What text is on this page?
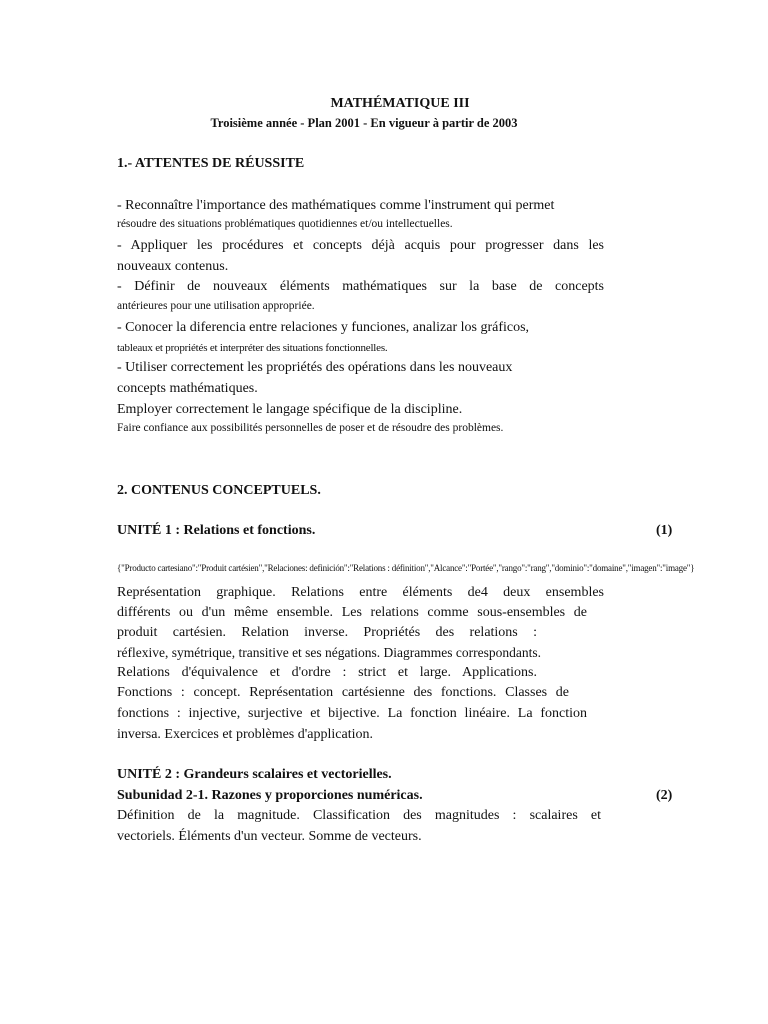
MATHÉMATIQUE III
Troisième année - Plan 2001 - En vigueur à partir de 2003
1.- ATTENTES DE RÉUSSITE
- Reconnaître l'importance des mathématiques comme l'instrument qui permet
résoudre des situations problématiques quotidiennes et/ou intellectuelles.
- Appliquer les procédures et concepts déjà acquis pour progresser dans les
nouveaux contenus.
- Définir de nouveaux éléments mathématiques sur la base de concepts
antérieures pour une utilisation appropriée.
- Conocer la diferencia entre relaciones y funciones, analizar los gráficos,
tableaux et propriétés et interpréter des situations fonctionnelles.
- Utiliser correctement les propriétés des opérations dans les nouveaux
concepts mathématiques.
Employer correctement le langage spécifique de la discipline.
Faire confiance aux possibilités personnelles de poser et de résoudre des problèmes.
2. CONTENUS CONCEPTUELS.
UNITÉ 1 : Relations et fonctions.	(1)
{"Producto cartesiano":"Produit cartésien","Relaciones: definición":"Relations : définition","Alcance":"Portée","rango":"rang","dominio":"domaine","imagen":"image"}
Représentation graphique. Relations entre éléments de4 deux ensembles
différents ou d'un même ensemble. Les relations comme sous-ensembles de
produit cartésien. Relation inverse. Propriétés des relations :
réflexive, symétrique, transitive et ses négations. Diagrammes correspondants.
Relations d'équivalence et d'ordre : strict et large. Applications.
Fonctions : concept. Représentation cartésienne des fonctions. Classes de
fonctions : injective, surjective et bijective. La fonction linéaire. La fonction
inversa. Exercices et problèmes d'application.
UNITÉ 2 : Grandeurs scalaires et vectorielles.
Subunidad 2-1. Razones y proporciones numéricas.	(2)
Définition de la magnitude. Classification des magnitudes : scalaires et
vectoriels. Éléments d'un vecteur. Somme de vecteurs.
